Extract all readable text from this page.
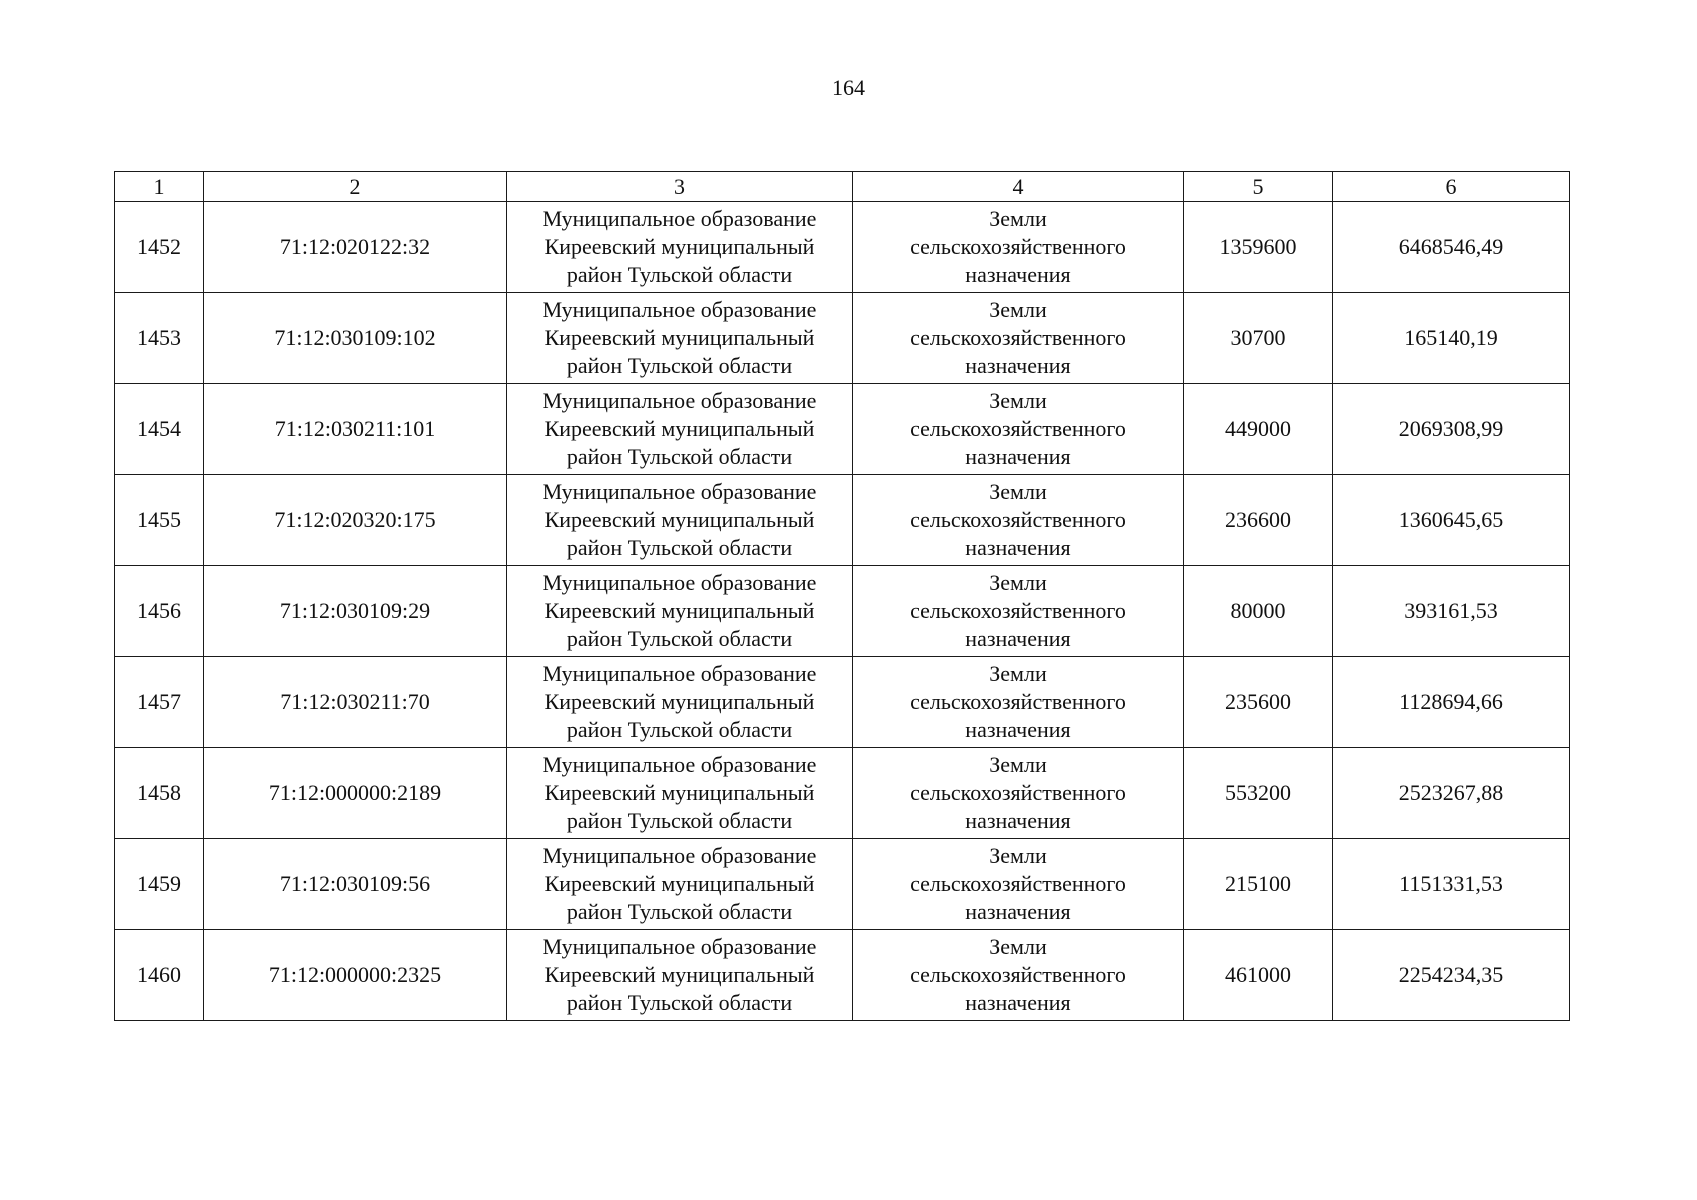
164
1	2	3	4	5	6
1452	71:12:020122:32	Муниципальное образование
Киреевский муниципальный
район Тульской области	Земли
сельскохозяйственного
назначения	1359600	6468546,49
1453	71:12:030109:102	Муниципальное образование
Киреевский муниципальный
район Тульской области	Земли
сельскохозяйственного
назначения	30700	165140,19
1454	71:12:030211:101	Муниципальное образование
Киреевский муниципальный
район Тульской области	Земли
сельскохозяйственного
назначения	449000	2069308,99
1455	71:12:020320:175	Муниципальное образование
Киреевский муниципальный
район Тульской области	Земли
сельскохозяйственного
назначения	236600	1360645,65
1456	71:12:030109:29	Муниципальное образование
Киреевский муниципальный
район Тульской области	Земли
сельскохозяйственного
назначения	80000	393161,53
1457	71:12:030211:70	Муниципальное образование
Киреевский муниципальный
район Тульской области	Земли
сельскохозяйственного
назначения	235600	1128694,66
1458	71:12:000000:2189	Муниципальное образование
Киреевский муниципальный
район Тульской области	Земли
сельскохозяйственного
назначения	553200	2523267,88
1459	71:12:030109:56	Муниципальное образование
Киреевский муниципальный
район Тульской области	Земли
сельскохозяйственного
назначения	215100	1151331,53
1460	71:12:000000:2325	Муниципальное образование
Киреевский муниципальный
район Тульской области	Земли
сельскохозяйственного
назначения	461000	2254234,35
